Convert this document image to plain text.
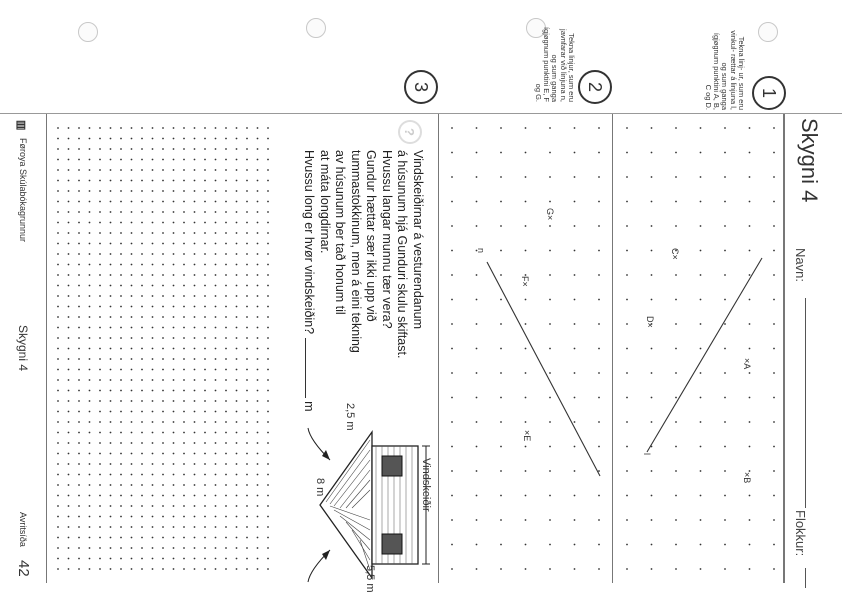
Skygni 4
Navn:
Flokkur:
1
2
3	Tekna linj- ur, sum eru vinkul- rættar á linjuna l, og sum ganga ígjøgnum punktini A, B, C og D.
Tekna linjur, sum eru javnfarar við linjuna n, og sum ganga ígjøgnum punktini E, F og G.
?
Vindskeiðirnar á vesturendanum
á húsunum hjá Gunduri skulu skiftast.
Hvussu langar munnu tær vera?
Gundur hættar sær ikki upp við
tummastokkinum, men á eini tekning
av húsunum ber tað honum til
at máta longdirnar.
Hvussu long er hvør vindskeiðin?  m
Vindskeiðir
2,5 m
8 m
5,5 m
×A
×B
C×
D×
×E
F×
G×
l
n
▥
Føroya Skúlabókagrunnur
Skygni 4
Avritsíða
42
